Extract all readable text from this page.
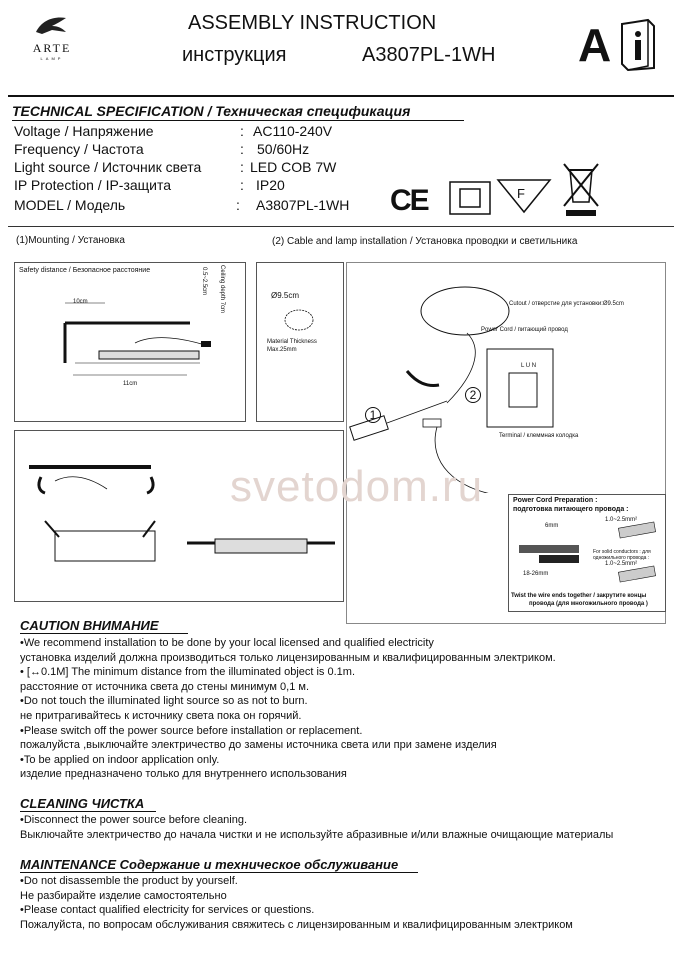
ARTE
LAMP
ASSEMBLY INSTRUCTION
инструкция	A3807PL-1WH A
TECHNICAL SPECIFICATION / Техническая спецификация
Voltage / Напряжение	: AC110-240V
Frequency / Частота	: 50/60Hz
Light source / Источник света	: LED COB 7W
IP Protection / IP-защита	: IP20
MODEL / Модель	: A3807PL-1WH CE	F
(1)Mounting / Установка	(2) Cable and lamp installation / Установка проводки и светильника
Safety distance / Безопасное расстояние
10cm
11cm
0.5~2.5cm Ceiling depth 7cm	Ø9.5cm
Material Thickness
Max.25mm
Cutout / отверстие для установки:Ø9.5cm
Power Cord / питающий провод
Terminal / клеммная колодка
L U N
1
2
Power Cord Preparation :
подготовка питающего провода :
6mm
18-26mm
1.0~2.5mm²
For solid conductors : для
одножильного провода :
1.0~2.5mm²
Twist the wire ends together / закрутите концы
провода (для многожильного провода )
svetodom.ru
CAUTION ВНИМАНИЕ
•We recommend installation to be done by your local licensed and qualified electricity
установка изделий должна производиться только лицензированным и квалифицированным электриком.
• [↔0.1M] The minimum distance from the illuminated object is 0.1m.
расстояние от источника света до стены минимум 0,1 м.
•Do not touch the illuminated light source so as not to burn.
не притрагивайтесь к источнику света пока он горячий.
•Please switch off the power source before installation or replacement.
пожалуйста ,выключайте электричество до замены источника света или при замене изделия
•To be applied on indoor application only.
изделие предназначено только для внутреннего использования
CLEANING ЧИСТКА
•Disconnect the power source before cleaning.
Выключайте электричество до начала чистки и не используйте абразивные и/или влажные очищающие материалы
MAINTENANCE Содержание и техническое обслуживание
•Do not disassemble the product by yourself.
Не разбирайте изделие самостоятельно
•Please contact qualified electricity for services or questions.
Пожалуйста, по вопросам обслуживания свяжитесь с лицензированным и квалифицированным электриком
